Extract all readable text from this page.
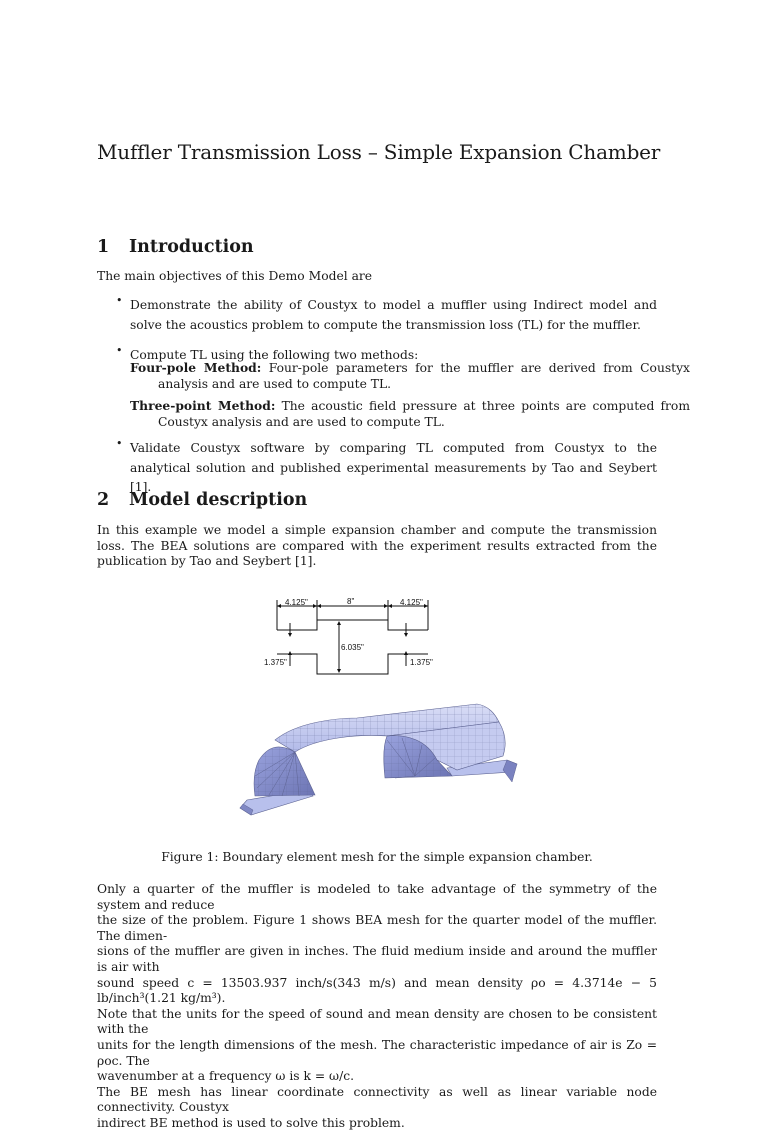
Muffler Transmission Loss – Simple Expansion Chamber
1 Introduction

The main objectives of this Demo Model are

• Demonstrate the ability of Coustyx to model a muffler using Indirect model and solve the acoustics problem to compute the transmission loss (TL) for the muffler.
• Compute TL using the following two methods:
Four-pole Method: Four-pole parameters for the muffler are derived from Coustyx analysis and are used to compute TL.
Three-point Method: The acoustic field pressure at three points are computed from Coustyx analysis and are used to compute TL.
• Validate Coustyx software by comparing TL computed from Coustyx to the analytical solution and published experimental measurements by Tao and Seybert [1].
2 Model description

In this example we model a simple expansion chamber and compute the transmission loss. The BEA solutions are compared with the experiment results extracted from the publication by Tao and Seybert [1].

Figure 1: Boundary element mesh for the simple expansion chamber.
Only a quarter of the muffler is modeled to take advantage of the symmetry of the system and reduce
the size of the problem. Figure 1 shows BEA mesh for the quarter model of the muffler. The dimen-
sions of the muffler are given in inches. The fluid medium inside and around the muffler is air with
sound speed c = 13503.937 inch/s(343 m/s) and mean density ρo = 4.3714e − 5 lb/inch³(1.21 kg/m³).
Note that the units for the speed of sound and mean density are chosen to be consistent with the
units for the length dimensions of the mesh. The characteristic impedance of air is Zo = ρoc. The
wavenumber at a frequency ω is k = ω/c.
The BE mesh has linear coordinate connectivity as well as linear variable node connectivity. Coustyx
indirect BE method is used to solve this problem.
4.125"	8"	4.125"
6.035"
1.375"	1.375"
